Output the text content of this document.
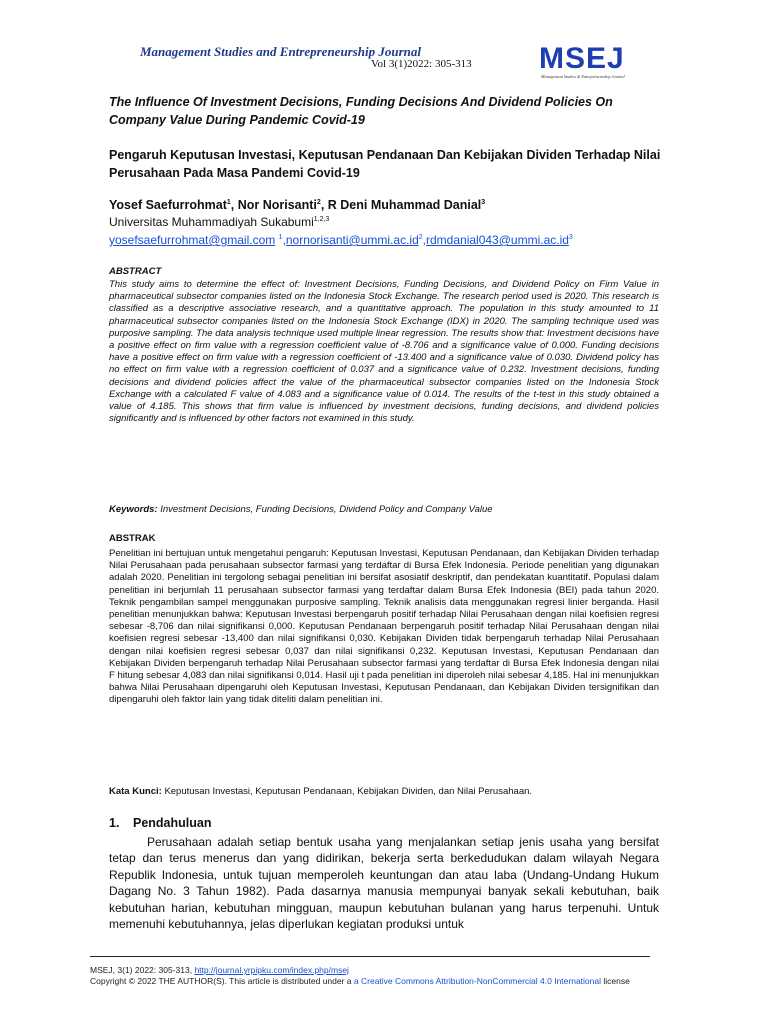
Management Studies and Entrepreneurship Journal
Vol 3(1)2022: 305-313 MSEJ
Management Studies & Entrepreneurship Journal
The Influence Of Investment Decisions, Funding Decisions And Dividend Policies On Company Value During Pandemic Covid-19
Pengaruh Keputusan Investasi, Keputusan Pendanaan Dan Kebijakan Dividen Terhadap Nilai Perusahaan Pada Masa Pandemi Covid-19
Yosef Saefurrohmat$^1$, Nor Norisanti$^2$, R Deni Muhammad Danial$^3$
Universitas Muhammadiyah Sukabumi$^{1,2,3}$
yosefsaefurrohmat@gmail.com $^1,nornorisanti@ummi.ac.id^2,rdmdanial043@ummi.ac.id^3$
ABSTRACT
This study aims to determine the effect of: Investment Decisions, Funding Decisions, and Dividend Policy on Firm Value in pharmaceutical subsector companies listed on the Indonesia Stock Exchange. The research period used is 2020. This research is classified as a descriptive associative research, and a quantitative approach. The population in this study amounted to 11 pharmaceutical subsector companies listed on the Indonesia Stock Exchange (IDX) in 2020. The sampling technique used was purposive sampling. The data analysis technique used multiple linear regression. The results show that: Investment decisions have a positive effect on firm value with a regression coefficient value of -8.706 and a significance value of 0.000. Funding decisions have a positive effect on firm value with a regression coefficient of -13.400 and a significance value of 0.030. Dividend policy has no effect on firm value with a regression coefficient of 0.037 and a significance value of 0.232. Investment decisions, funding decisions and dividend policies affect the value of the pharmaceutical subsector companies listed on the Indonesia Stock Exchange with a calculated F value of 4.083 and a significance value of 0.014. The results of the t-test in this study obtained a value of 4.185. This shows that firm value is influenced by investment decisions, funding decisions, and dividend policies significantly and is influenced by other factors not examined in this study.
Keywords: Investment Decisions, Funding Decisions, Dividend Policy and Company Value
ABSTRAK
Penelitian ini bertujuan untuk mengetahui pengaruh: Keputusan Investasi, Keputusan Pendanaan, dan Kebijakan Dividen terhadap Nilai Perusahaan pada perusahaan subsector farmasi yang terdaftar di Bursa Efek Indonesia. Periode penelitian yang digunakan adalah 2020. Penelitian ini tergolong sebagai penelitian ini bersifat asosiatif deskriptif, dan pendekatan kuantitatif. Populasi dalam penelitian ini berjumlah 11 perusahaan subsector farmasi yang terdaftar dalam Bursa Efek Indonesia (BEI) pada tahun 2020. Teknik pengambilan sampel menggunakan purposive sampling. Teknik analisis data menggunakan regresi linier berganda. Hasil penelitian menunjukkan bahwa: Keputusan Investasi berpengaruh positif terhadap Nilai Perusahaan dengan nilai koefisien regresi sebesar -8,706 dan nilai signifikansi 0,000. Keputusan Pendanaan berpengaruh positif terhadap Nilai Perusahaan dengan nilai koefisien regresi sebesar -13,400 dan nilai signifikansi 0,030. Kebijakan Dividen tidak berpengaruh terhadap Nilai Perusahaan dengan nilai koefisien regresi sebesar 0,037 dan nilai signifikansi 0,232. Keputusan Investasi, Keputusan Pendanaan dan Kebijakan Dividen berpengaruh terhadap Nilai Perusahaan subsector farmasi yang terdaftar di Bursa Efek Indonesia dengan nilai F hitung sebesar 4,083 dan nilai signifikansi 0,014. Hasil uji t pada penelitian ini diperoleh nilai sebesar 4,185. Hal ini menunjukkan bahwa Nilai Perusahaan dipengaruhi oleh Keputusan Investasi, Keputusan Pendanaan, dan Kebijakan Dividen tersignifikan dan dipengaruhi oleh faktor lain yang tidak diteliti dalam penelitian ini.
Kata Kunci: Keputusan Investasi, Keputusan Pendanaan, Kebijakan Dividen, dan Nilai Perusahaan.
1. Pendahuluan
Perusahaan adalah setiap bentuk usaha yang menjalankan setiap jenis usaha yang bersifat tetap dan terus menerus dan yang didirikan, bekerja serta berkedudukan dalam wilayah Negara Republik Indonesia, untuk tujuan memperoleh keuntungan dan atau laba (Undang-Undang Hukum Dagang No. 3 Tahun 1982). Pada dasarnya manusia mempunyai banyak sekali kebutuhan, baik kebutuhan harian, kebutuhan mingguan, maupun kebutuhan bulanan yang harus terpenuhi. Untuk memenuhi kebutuhannya, jelas diperlukan kegiatan produksi untuk
MSEJ, 3(1) 2022: 305-313, http://journal.yrpipku.com/index.php/msej
Copyright © 2022 THE AUTHOR(S). This article is distributed under a a Creative Commons Attribution-NonCommercial 4.0 International license
